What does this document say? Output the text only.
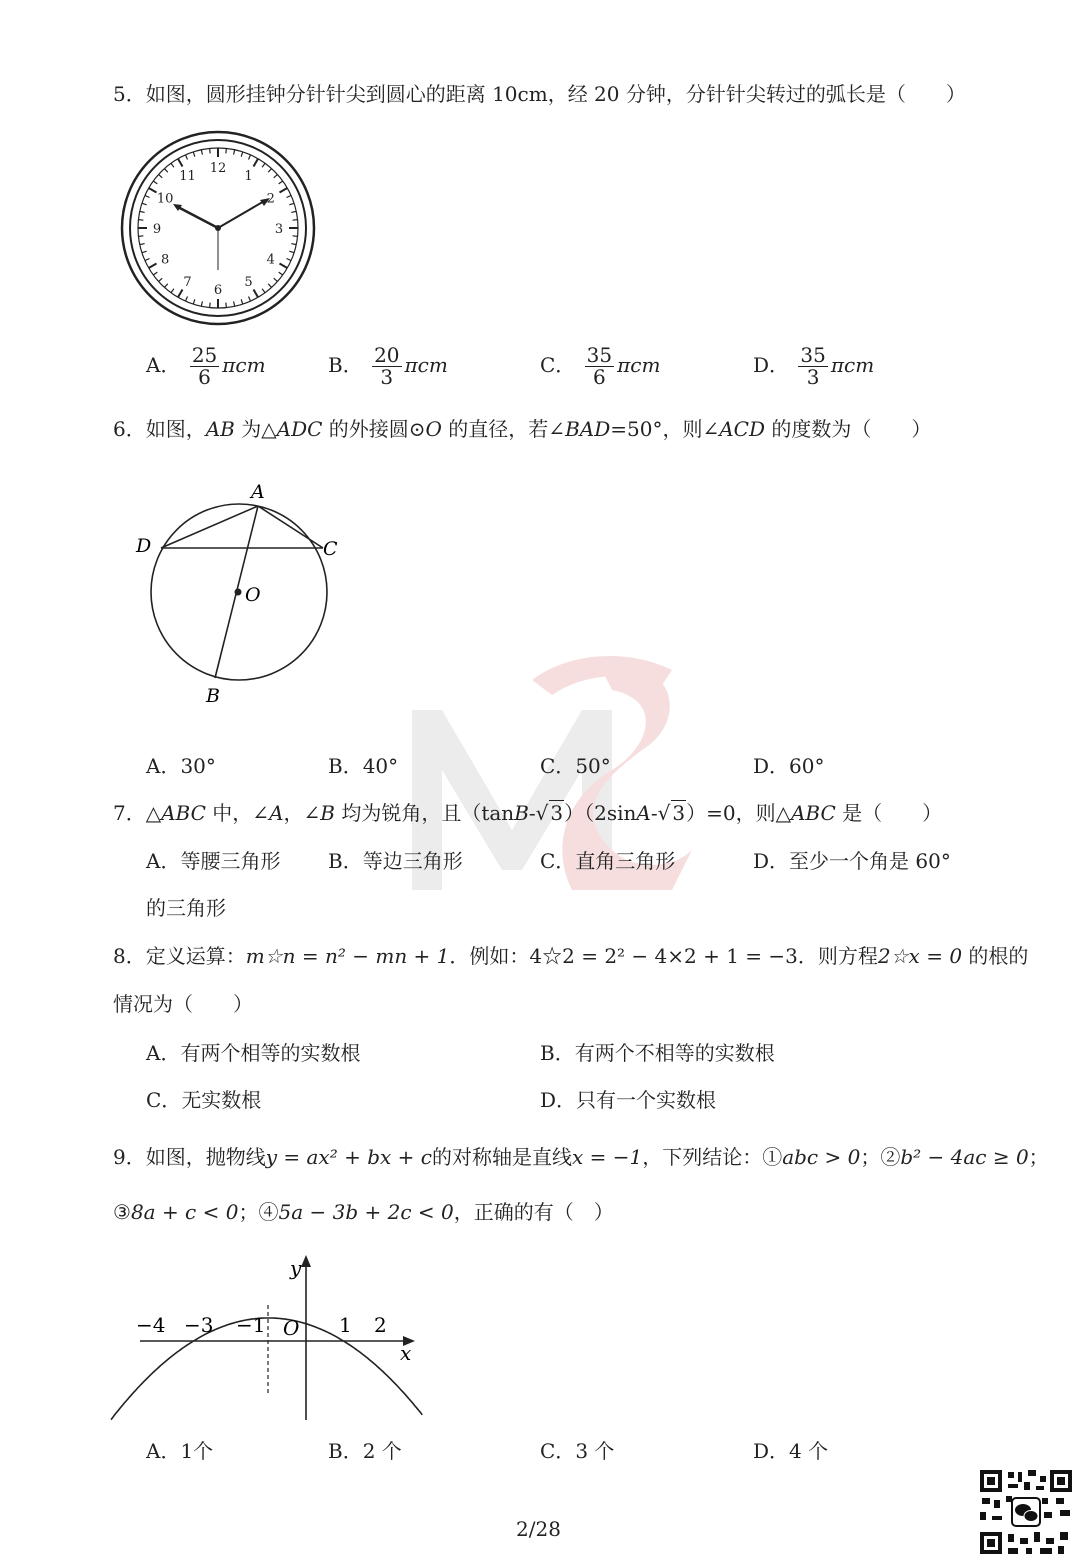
5．如图，圆形挂钟分针针尖到圆心的距离 10cm，经 20 分钟，分针针尖转过的弧长是（　　）
12
1
2
3
4
5
6
7
8
9
10
11
A． $\frac{25}{6}$ πcm	B． $\frac{20}{3}$ πcm	C． $\frac{35}{6}$ πcm	D． $\frac{35}{3}$ πcm
6．如图，AB 为△ADC 的外接圆⊙O 的直径，若∠BAD=50°，则∠ACD 的度数为（　　）
A
D	C
O
B
A．30°	B．40°	C．50°	D．60°
7．△ABC 中，∠A，∠B 均为锐角，且（tanB-√ 3）（2sinA-√ 3）=0，则△ABC 是（　　）
A．等腰三角形 B．等边三角形	C．直角三角形	D．至少一个角是 60°
的三角形
8．定义运算：m☆n = n² − mn + 1．例如：4☆2 = 2² − 4×2 + 1 = −3．则方程2☆x = 0 的根的
情况为（　　）
A．有两个相等的实数根	B．有两个不相等的实数根
C．无实数根	D．只有一个实数根
9．如图，抛物线y = ax² + bx + c的对称轴是直线x = −1，下列结论：①abc > 0；②b² − 4ac ≥ 0；
③8a + c < 0；④5a − 3b + 2c < 0，正确的有（　）
y
x
O
−4 −3 −1	1 2
A．1个	B．2 个	C．3 个	D．4 个
2/28
